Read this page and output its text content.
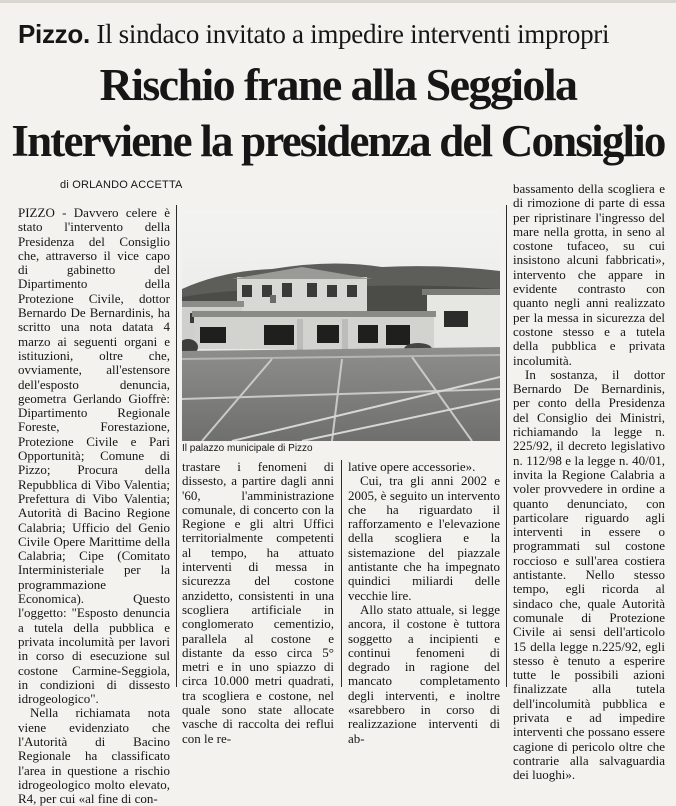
Pizzo. Il sindaco invitato a impedire interventi impropri
Rischio frane alla Seggiola
Interviene la presidenza del Consiglio
di ORLANDO ACCETTA

PIZZO - Davvero celere è stato l'intervento della Presidenza del Consiglio che, attraverso il vice capo di gabinetto del Dipartimento della Protezione Civile, dottor Bernardo De Bernardinis, ha scritto una nota datata 4 marzo ai seguenti organi e istituzioni, oltre che, ovviamente, all'estensore dell'esposto denuncia, geometra Gerlando Gioffrè: Dipartimento Regionale Foreste, Forestazione, Protezione Civile e Pari Opportunità; Comune di Pizzo; Procura della Repubblica di Vibo Valentia; Prefettura di Vibo Valentia; Autorità di Bacino Regione Calabria; Ufficio del Genio Civile Opere Marittime della Calabria; Cipe (Comitato Interministeriale per la programmazione Economica). Questo l'oggetto: "Esposto denuncia a tutela della pubblica e privata incolumità per lavori in corso di esecuzione sul costone Carmine-Seggiola, in condizioni di dissesto idrogeologico".

Nella richiamata nota viene evidenziato che l'Autorità di Bacino Regionale ha classificato l'area in questione a rischio idrogeologico molto elevato, R4, per cui «al fine di con-

Il palazzo municipale di Pizzo

trastare i fenomeni di dissesto, a partire dagli anni '60, l'amministrazione comunale, di concerto con la Regione e gli altri Uffici territorialmente competenti al tempo, ha attuato interventi di messa in sicurezza del costone anzidetto, consistenti in una scogliera artificiale in conglomerato cementizio, parallela al costone e distante da esso circa 5° metri e in uno spiazzo di circa 10.000 metri quadrati, tra scogliera e costone, nel quale sono state allocate vasche di raccolta dei reflui con le re-

lative opere accessorie».

Cui, tra gli anni 2002 e 2005, è seguito un intervento che ha riguardato il rafforzamento e l'elevazione della scogliera e la sistemazione del piazzale antistante che ha impegnato quindici miliardi delle vecchie lire.

Allo stato attuale, si legge ancora, il costone è tuttora soggetto a incipienti e continui fenomeni di degrado in ragione del mancato completamento degli interventi, e inoltre «sarebbero in corso di realizzazione interventi di ab-

bassamento della scogliera e di rimozione di parte di essa per ripristinare l'ingresso del mare nella grotta, in seno al costone tufaceo, su cui insistono alcuni fabbricati», intervento che appare in evidente contrasto con quanto negli anni realizzato per la messa in sicurezza del costone stesso e a tutela della pubblica e privata incolumità.

In sostanza, il dottor Bernardo De Bernardinis, per conto della Presidenza del Consiglio dei Ministri, richiamando la legge n. 225/92, il decreto legislativo n. 112/98 e la legge n. 40/01, invita la Regione Calabria a voler provvedere in ordine a quanto denunciato, con particolare riguardo agli interventi in essere o programmati sul costone roccioso e sull'area costiera antistante. Nello stesso tempo, egli ricorda al sindaco che, quale Autorità comunale di Protezione Civile ai sensi dell'articolo 15 della legge n.225/92, egli stesso è tenuto a esperire tutte le possibili azioni finalizzate alla tutela dell'incolumità pubblica e privata e ad impedire interventi che possano essere cagione di pericolo oltre che contrarie alla salvaguardia dei luoghi».
